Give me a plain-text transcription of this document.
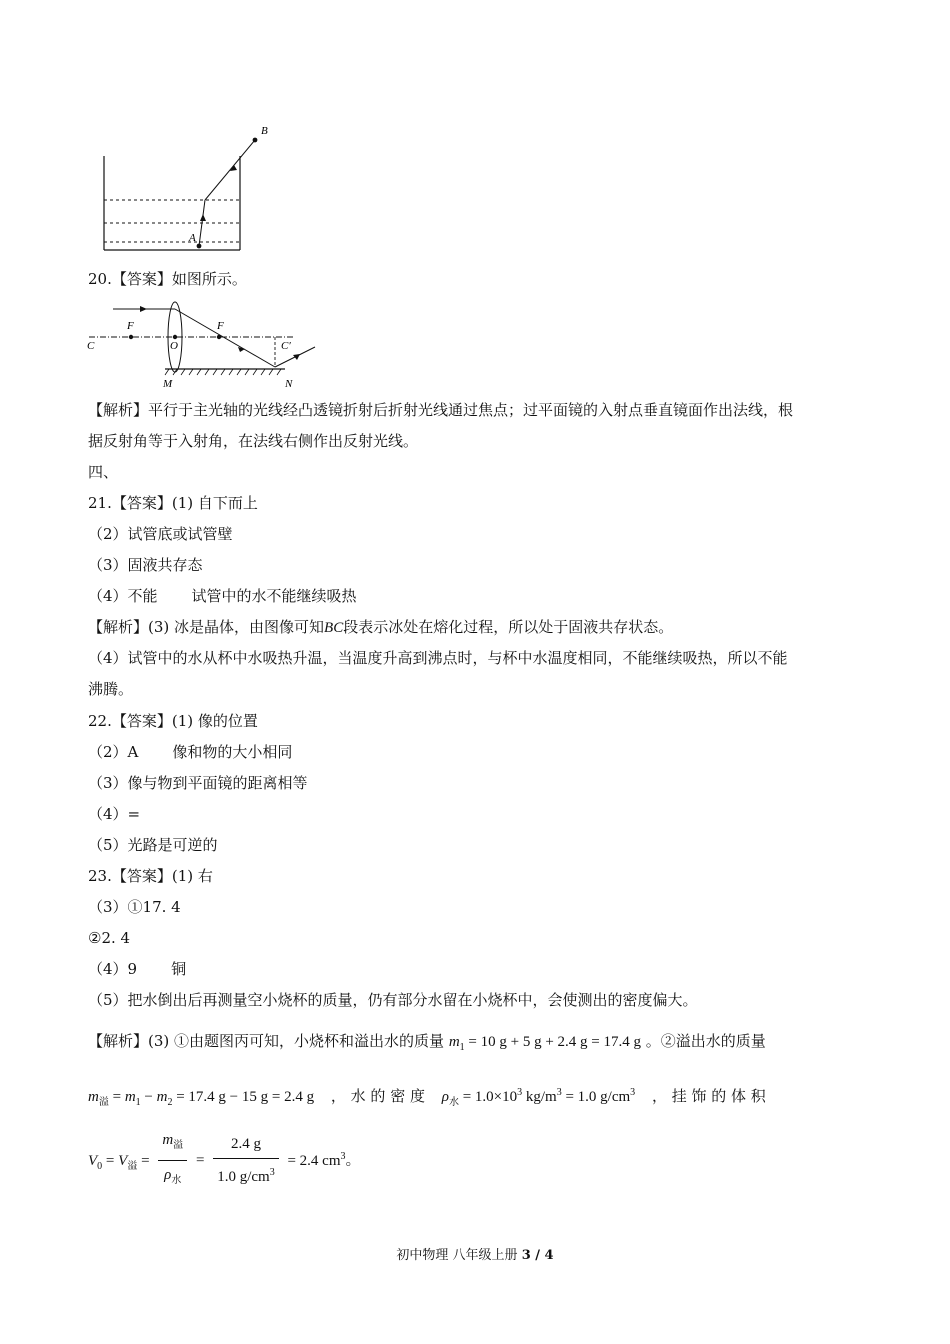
B
A
20.【答案】如图所示。
C
F
O
F
C′
M	N
【解析】平行于主光轴的光线经凸透镜折射后折射光线通过焦点；过平面镜的入射点垂直镜面作出法线，根
据反射角等于入射角，在法线右侧作出反射光线。
四、
21.【答案】(1) 自下而上
（2）试管底或试管壁
（3）固液共存态
（4）不能 试管中的水不能继续吸热
【解析】(3) 冰是晶体，由图像可知BC段表示冰处在熔化过程，所以处于固液共存状态。
（4）试管中的水从杯中水吸热升温，当温度升高到沸点时，与杯中水温度相同，不能继续吸热，所以不能
沸腾。
22.【答案】(1) 像的位置
（2）A 像和物的大小相同
（3）像与物到平面镜的距离相等
（4）=
（5）光路是可逆的
23.【答案】(1) 右
（3）①17. 4
②2. 4
（4）9 铜
（5）把水倒出后再测量空小烧杯的质量，仍有部分水留在小烧杯中，会使测出的密度偏大。
【解析】(3) ①由题图丙可知，小烧杯和溢出水的质量 $m_1 = 10$ g + 5 g + 2.4 g = 17.4 g 。②溢出水的质量
$m_溢 = m_1 - m_2 = 17.4$ g − 15 g = 2.4 g ， 水 的 密 度 $\rho_水 = 1.0\times 10^3$ $kg/m^3 = 1.0$ $g/cm^3$ ， 挂 饰 的 体 积
$V_0 = V_溢 = \frac{m_溢}{\rho_水} = \frac{2.4 g}{1.0 g/cm^3} = 2.4$ $cm^3$。
初中物理 八年级上册 3 / 4
